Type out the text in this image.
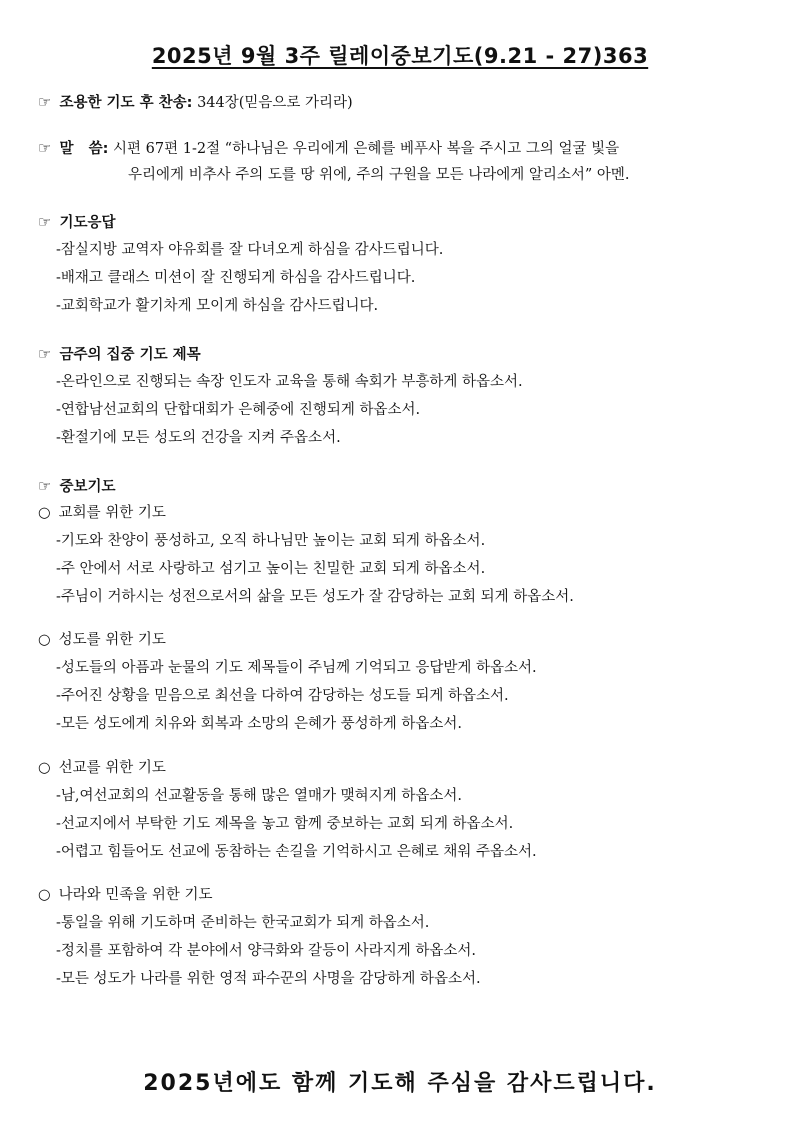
2025년 9월 3주 릴레이중보기도(9.21 - 27)363
☞ 조용한 기도 후 찬송: 344장(믿음으로 가리라)
☞ 말   씀: 시편 67편 1-2절 “하나님은 우리에게 은혜를 베푸사 복을 주시고 그의 얼굴 빛을
우리에게 비추사 주의 도를 땅 위에, 주의 구원을 모든 나라에게 알리소서” 아멘.
☞ 기도응답
-잠실지방 교역자 야유회를 잘 다녀오게 하심을 감사드립니다.
-배재고 클래스 미션이 잘 진행되게 하심을 감사드립니다.
-교회학교가 활기차게 모이게 하심을 감사드립니다.
☞ 금주의 집중 기도 제목
-온라인으로 진행되는 속장 인도자 교육을 통해 속회가 부흥하게 하옵소서.
-연합남선교회의 단합대회가 은혜중에 진행되게 하옵소서.
-환절기에 모든 성도의 건강을 지켜 주옵소서.
☞ 중보기도
○ 교회를 위한 기도
-기도와 찬양이 풍성하고, 오직 하나님만 높이는 교회 되게 하옵소서.
-주 안에서 서로 사랑하고 섬기고 높이는 친밀한 교회 되게 하옵소서.
-주님이 거하시는 성전으로서의 삶을 모든 성도가 잘 감당하는 교회 되게 하옵소서.
○ 성도를 위한 기도
-성도들의 아픔과 눈물의 기도 제목들이 주님께 기억되고 응답받게 하옵소서.
-주어진 상황을 믿음으로 최선을 다하여 감당하는 성도들 되게 하옵소서.
-모든 성도에게 치유와 회복과 소망의 은혜가 풍성하게 하옵소서.
○ 선교를 위한 기도
-남,여선교회의 선교활동을 통해 많은 열매가 맺혀지게 하옵소서.
-선교지에서 부탁한 기도 제목을 놓고 함께 중보하는 교회 되게 하옵소서.
-어렵고 힘들어도 선교에 동참하는 손길을 기억하시고 은혜로 채워 주옵소서.
○ 나라와 민족을 위한 기도
-통일을 위해 기도하며 준비하는 한국교회가 되게 하옵소서.
-정치를 포함하여 각 분야에서 양극화와 갈등이 사라지게 하옵소서.
-모든 성도가 나라를 위한 영적 파수꾼의 사명을 감당하게 하옵소서.
2025년에도 함께 기도해 주심을 감사드립니다.
